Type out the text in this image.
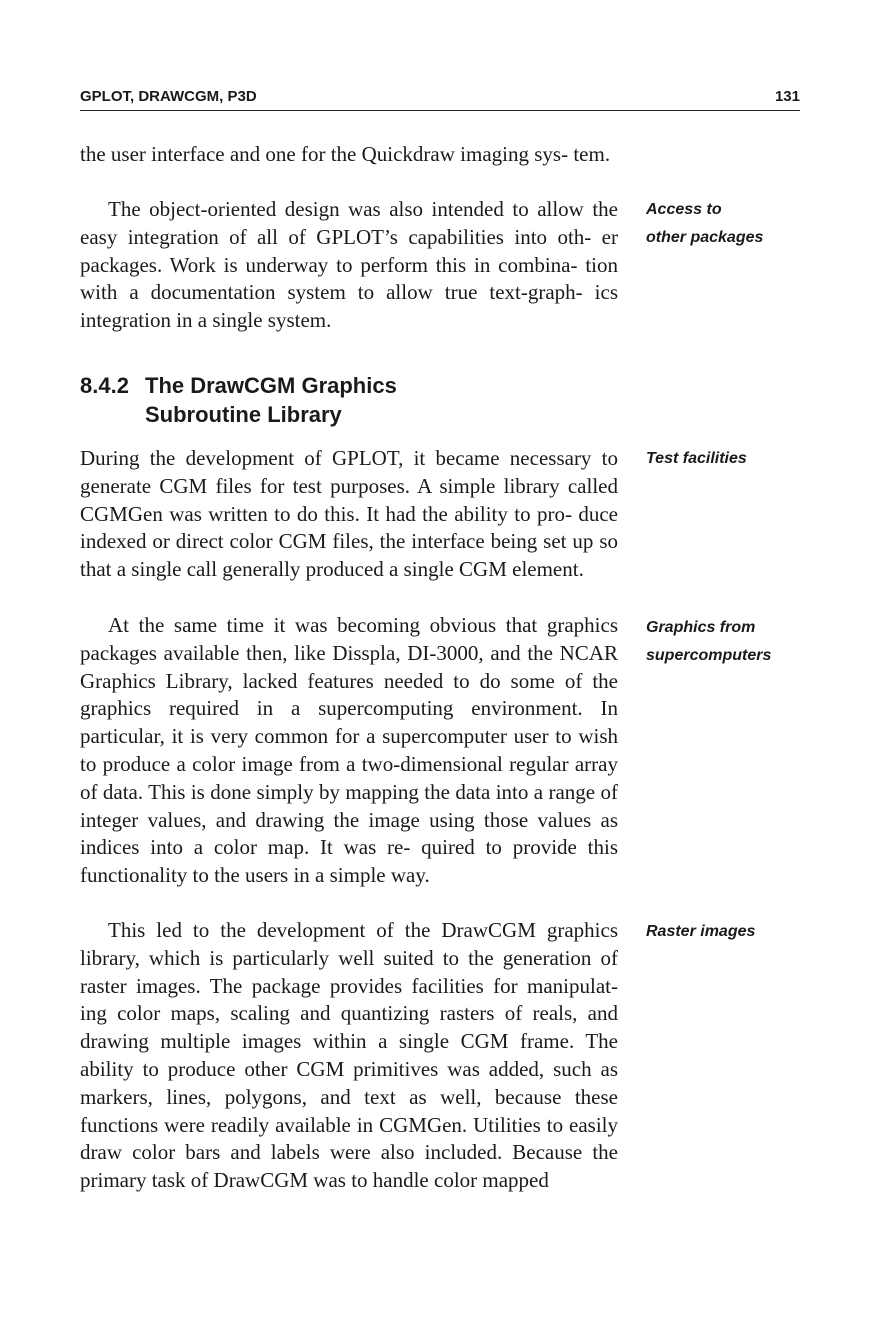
GPLOT, DRAWCGM, P3D	131

the user interface and one for the Quickdraw imaging sys- tem.

The object-oriented design was also intended to allow the easy integration of all of GPLOT’s capabilities into oth- er packages. Work is underway to perform this in combina- tion with a documentation system to allow true text-graph- ics integration in a single system.

8.4.2 The DrawCGM Graphics
Subroutine Library

During the development of GPLOT, it became necessary to generate CGM files for test purposes. A simple library called CGMGen was written to do this. It had the ability to pro- duce indexed or direct color CGM files, the interface being set up so that a single call generally produced a single CGM element.

At the same time it was becoming obvious that graphics packages available then, like Disspla, DI-3000, and the NCAR Graphics Library, lacked features needed to do some of the graphics required in a supercomputing environment. In particular, it is very common for a supercomputer user to wish to produce a color image from a two-dimensional regular array of data. This is done simply by mapping the data into a range of integer values, and drawing the image using those values as indices into a color map. It was re- quired to provide this functionality to the users in a simple way.

This led to the development of the DrawCGM graphics library, which is particularly well suited to the generation of raster images. The package provides facilities for manipulat- ing color maps, scaling and quantizing rasters of reals, and drawing multiple images within a single CGM frame. The ability to produce other CGM primitives was added, such as markers, lines, polygons, and text as well, because these functions were readily available in CGMGen. Utilities to easily draw color bars and labels were also included. Because the primary task of DrawCGM was to handle color mapped

Access to
other packages
Test facilities
Graphics from
supercomputers
Raster images
